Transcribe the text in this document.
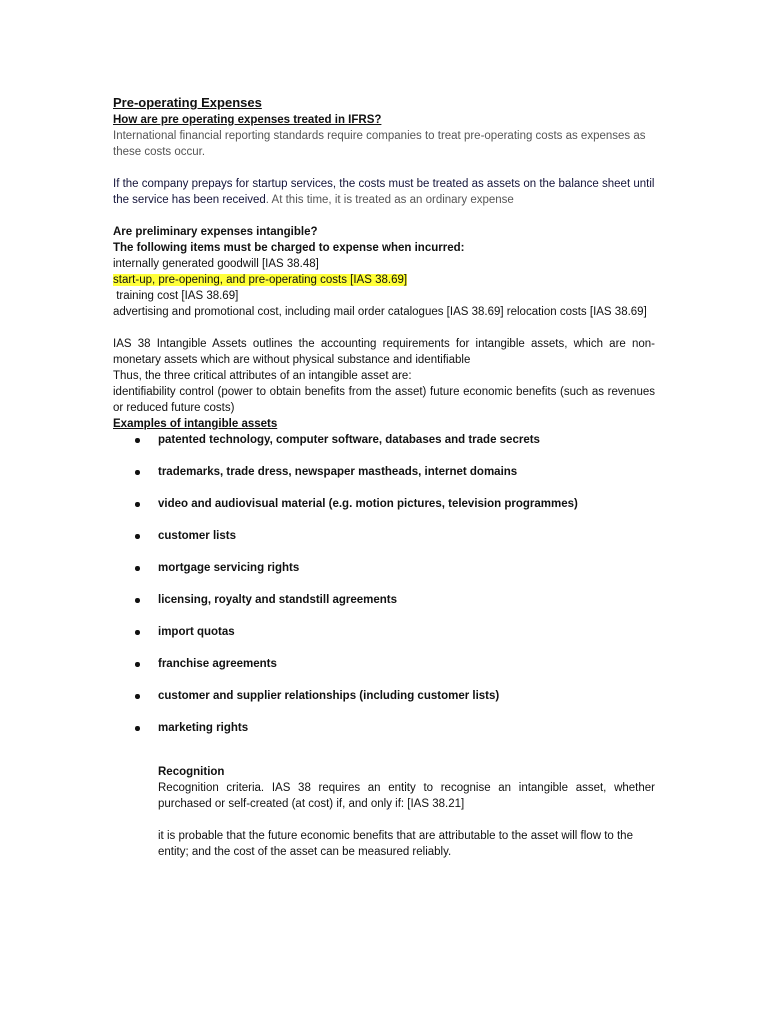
Pre-operating Expenses
How are pre operating expenses treated in IFRS?
International financial reporting standards require companies to treat pre-operating costs as expenses as these costs occur.
If the company prepays for startup services, the costs must be treated as assets on the balance sheet until the service has been received. At this time, it is treated as an ordinary expense
Are preliminary expenses intangible?
The following items must be charged to expense when incurred:
internally generated goodwill [IAS 38.48]
start-up, pre-opening, and pre-operating costs [IAS 38.69]
training cost [IAS 38.69]
advertising and promotional cost, including mail order catalogues [IAS 38.69] relocation costs [IAS 38.69]
IAS 38 Intangible Assets outlines the accounting requirements for intangible assets, which are non-monetary assets which are without physical substance and identifiable
Thus, the three critical attributes of an intangible asset are:
identifiability control (power to obtain benefits from the asset) future economic benefits (such as revenues or reduced future costs)
Examples of intangible assets
patented technology, computer software, databases and trade secrets
trademarks, trade dress, newspaper mastheads, internet domains
video and audiovisual material (e.g. motion pictures, television programmes)
customer lists
mortgage servicing rights
licensing, royalty and standstill agreements
import quotas
franchise agreements
customer and supplier relationships (including customer lists)
marketing rights
Recognition
Recognition criteria. IAS 38 requires an entity to recognise an intangible asset, whether purchased or self-created (at cost) if, and only if: [IAS 38.21]
it is probable that the future economic benefits that are attributable to the asset will flow to the entity; and the cost of the asset can be measured reliably.
